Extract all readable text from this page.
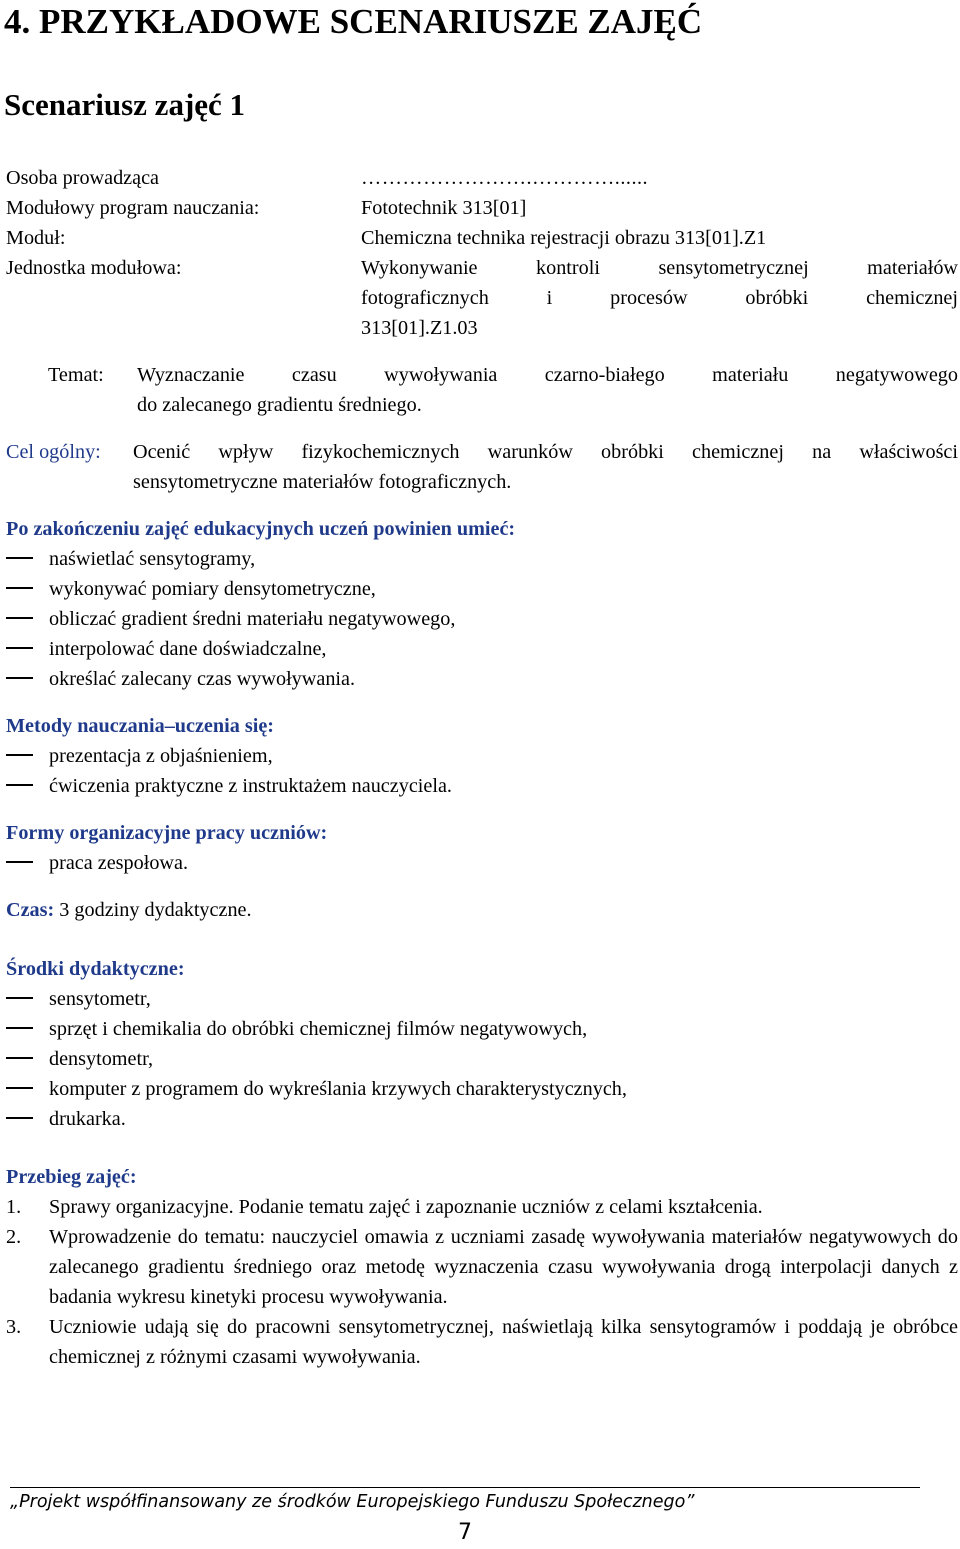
4. PRZYKŁADOWE SCENARIUSZE ZAJĘĆ
Scenariusz zajęć 1
Osoba prowadząca	…………………….…………......
Modułowy program nauczania:	Fototechnik 313[01]
Moduł:	Chemiczna technika rejestracji obrazu 313[01].Z1
Jednostka modułowa:	Wykonywanie kontroli sensytometrycznej materiałów
fotograficznych i procesów obróbki chemicznej
313[01].Z1.03
Temat: Wyznaczanie czasu wywoływania czarno-białego materiału negatywowego
do zalecanego gradientu średniego.
Cel ogólny: Ocenić wpływ fizykochemicznych warunków obróbki chemicznej na właściwości
sensytometryczne materiałów fotograficznych.
Po zakończeniu zajęć edukacyjnych uczeń powinien umieć:
naświetlać sensytogramy,
wykonywać pomiary densytometryczne,
obliczać gradient średni materiału negatywowego,
interpolować dane doświadczalne,
określać zalecany czas wywoływania.
Metody nauczania–uczenia się:
prezentacja z objaśnieniem,
ćwiczenia praktyczne z instruktażem nauczyciela.
Formy organizacyjne pracy uczniów:
praca zespołowa.
Czas: 3 godziny dydaktyczne.
Środki dydaktyczne:
sensytometr,
sprzęt i chemikalia do obróbki chemicznej filmów negatywowych,
densytometr,
komputer z programem do wykreślania krzywych charakterystycznych,
drukarka.
Przebieg zajęć:
1. Sprawy organizacyjne. Podanie tematu zajęć i zapoznanie uczniów z celami kształcenia.
2. Wprowadzenie do tematu: nauczyciel omawia z uczniami zasadę wywoływania materiałów negatywowych do zalecanego gradientu średniego oraz metodę wyznaczenia czasu wywoływania drogą interpolacji danych z badania wykresu kinetyki procesu wywoływania.
3. Uczniowie udają się do pracowni sensytometrycznej, naświetlają kilka sensytogramów i poddają je obróbce chemicznej z różnymi czasami wywoływania.
„Projekt współfinansowany ze środków Europejskiego Funduszu Społecznego”
7
